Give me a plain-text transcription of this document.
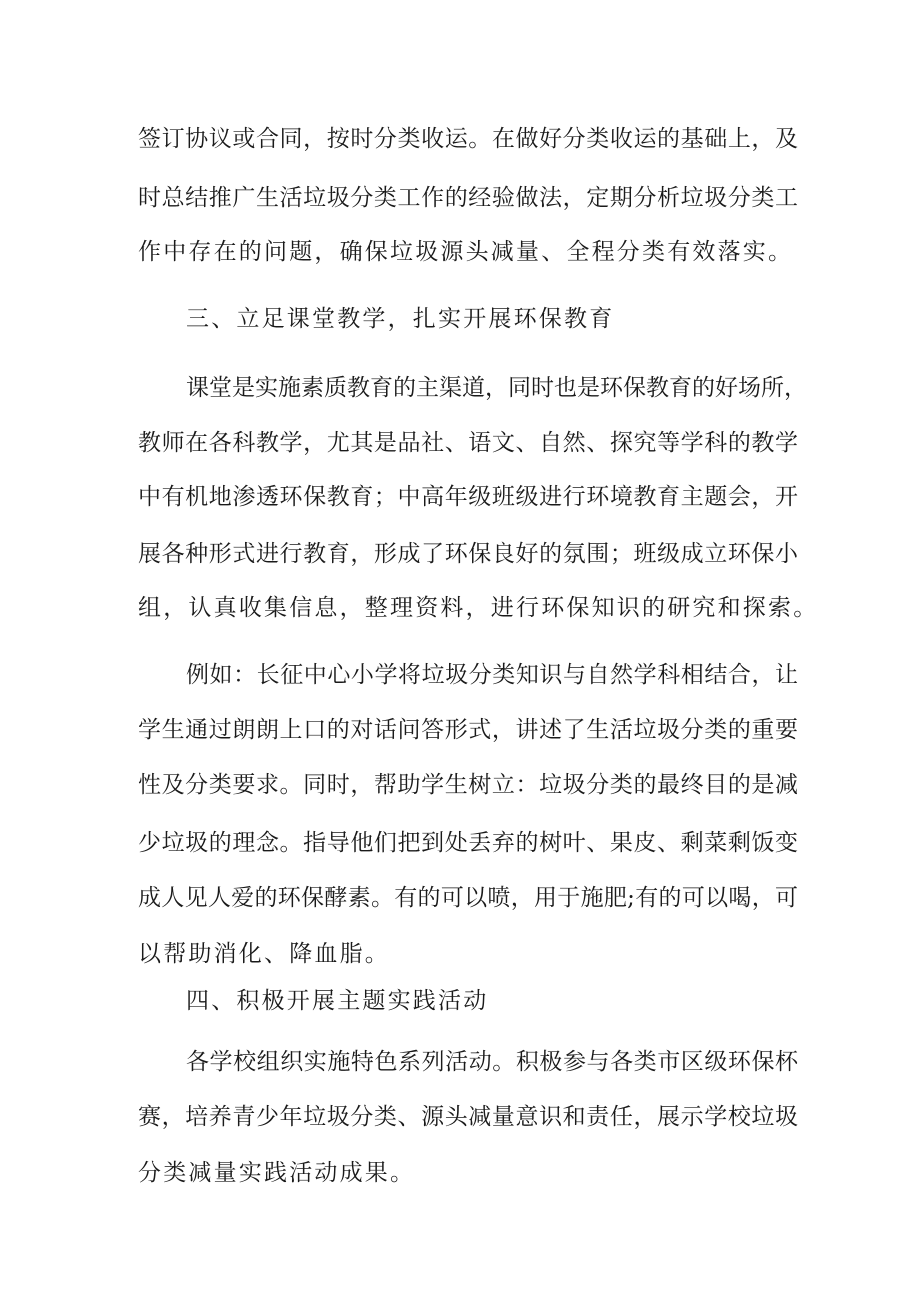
签订协议或合同，按时分类收运。在做好分类收运的基础上，及
时总结推广生活垃圾分类工作的经验做法，定期分析垃圾分类工
作中存在的问题，确保垃圾源头减量、全程分类有效落实。
三、立足课堂教学，扎实开展环保教育
课堂是实施素质教育的主渠道，同时也是环保教育的好场所，
教师在各科教学，尤其是品社、语文、自然、探究等学科的教学
中有机地渗透环保教育；中高年级班级进行环境教育主题会，开
展各种形式进行教育，形成了环保良好的氛围；班级成立环保小
组，认真收集信息，整理资料，进行环保知识的研究和探索。
例如：长征中心小学将垃圾分类知识与自然学科相结合，让
学生通过朗朗上口的对话问答形式，讲述了生活垃圾分类的重要
性及分类要求。同时，帮助学生树立：垃圾分类的最终目的是减
少垃圾的理念。指导他们把到处丢弃的树叶、果皮、剩菜剩饭变
成人见人爱的环保酵素。有的可以喷，用于施肥;有的可以喝，可
以帮助消化、降血脂。
四、积极开展主题实践活动
各学校组织实施特色系列活动。积极参与各类市区级环保杯
赛，培养青少年垃圾分类、源头减量意识和责任，展示学校垃圾
分类减量实践活动成果。
